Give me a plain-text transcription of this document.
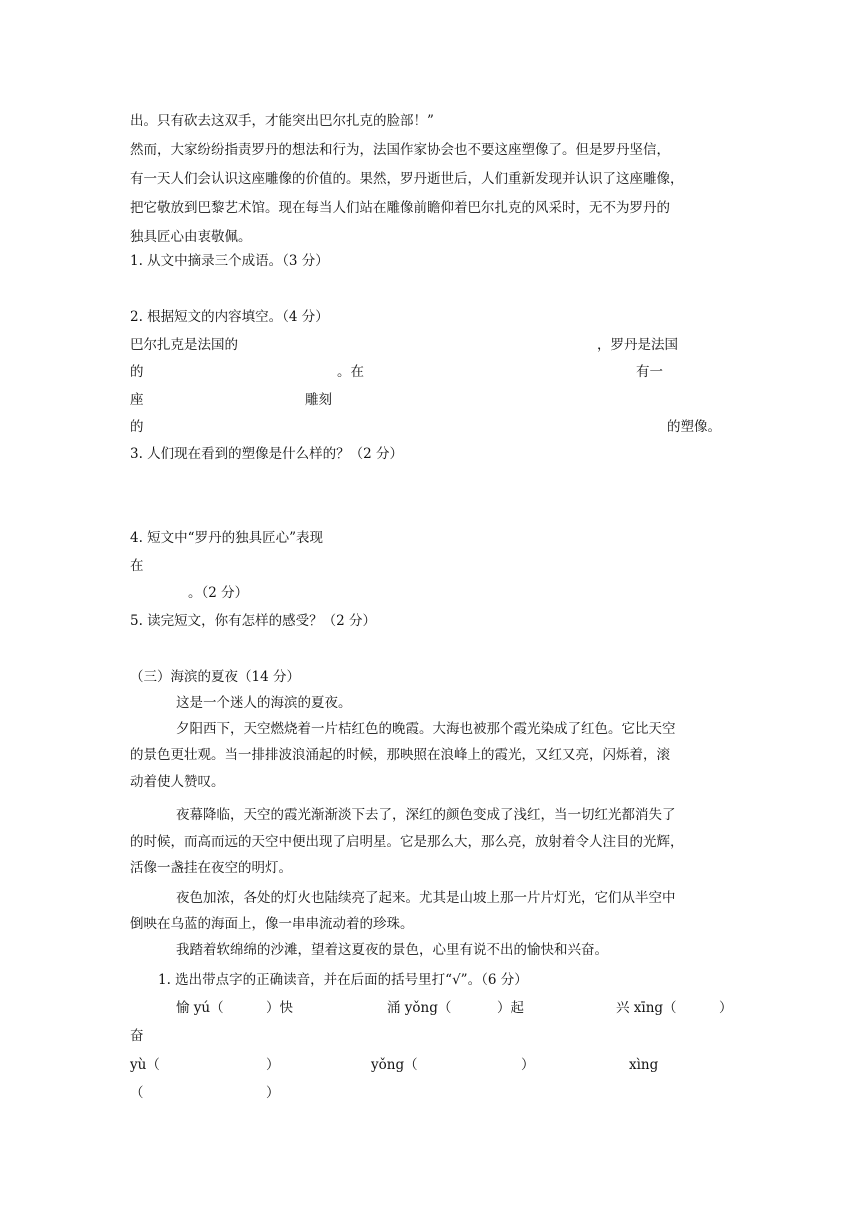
出。只有砍去这双手，才能突出巴尔扎克的脸部！”
然而，大家纷纷指责罗丹的想法和行为，法国作家协会也不要这座塑像了。但是罗丹坚信，
有一天人们会认识这座雕像的价值的。果然，罗丹逝世后，人们重新发现并认识了这座雕像，
把它敬放到巴黎艺术馆。现在每当人们站在雕像前瞻仰着巴尔扎克的风采时，无不为罗丹的
独具匠心由衷敬佩。
1. 从文中摘录三个成语。（3 分）
2. 根据短文的内容填空。（4 分）
巴尔扎克是法国的	，罗丹是法国
的	。在	有一
座	雕刻
的	的塑像。
3. 人们现在看到的塑像是什么样的？（2 分）
4. 短文中“罗丹的独具匠心”表现
在
。（2 分）
5. 读完短文，你有怎样的感受？（2 分）
（三）海滨的夏夜（14 分）
这是一个迷人的海滨的夏夜。
夕阳西下，天空燃烧着一片桔红色的晚霞。大海也被那个霞光染成了红色。它比天空
的景色更壮观。当一排排波浪涌起的时候，那映照在浪峰上的霞光，又红又亮，闪烁着，滚
动着使人赞叹。
夜幕降临，天空的霞光渐渐淡下去了，深红的颜色变成了浅红，当一切红光都消失了
的时候，而高而远的天空中便出现了启明星。它是那么大，那么亮，放射着令人注目的光辉，
活像一盏挂在夜空的明灯。
夜色加浓，各处的灯火也陆续亮了起来。尤其是山坡上那一片片灯光，它们从半空中
倒映在乌蓝的海面上，像一串串流动着的珍珠。
我踏着软绵绵的沙滩，望着这夏夜的景色，心里有说不出的愉快和兴奋。
1. 选出带点字的正确读音，并在后面的括号里打“√”。（6 分）
愉 yú（	）快	涌 yǒng（	）起	兴 xīng（	）
奋
yù（	）	yǒng（	）	xìng
（	）
